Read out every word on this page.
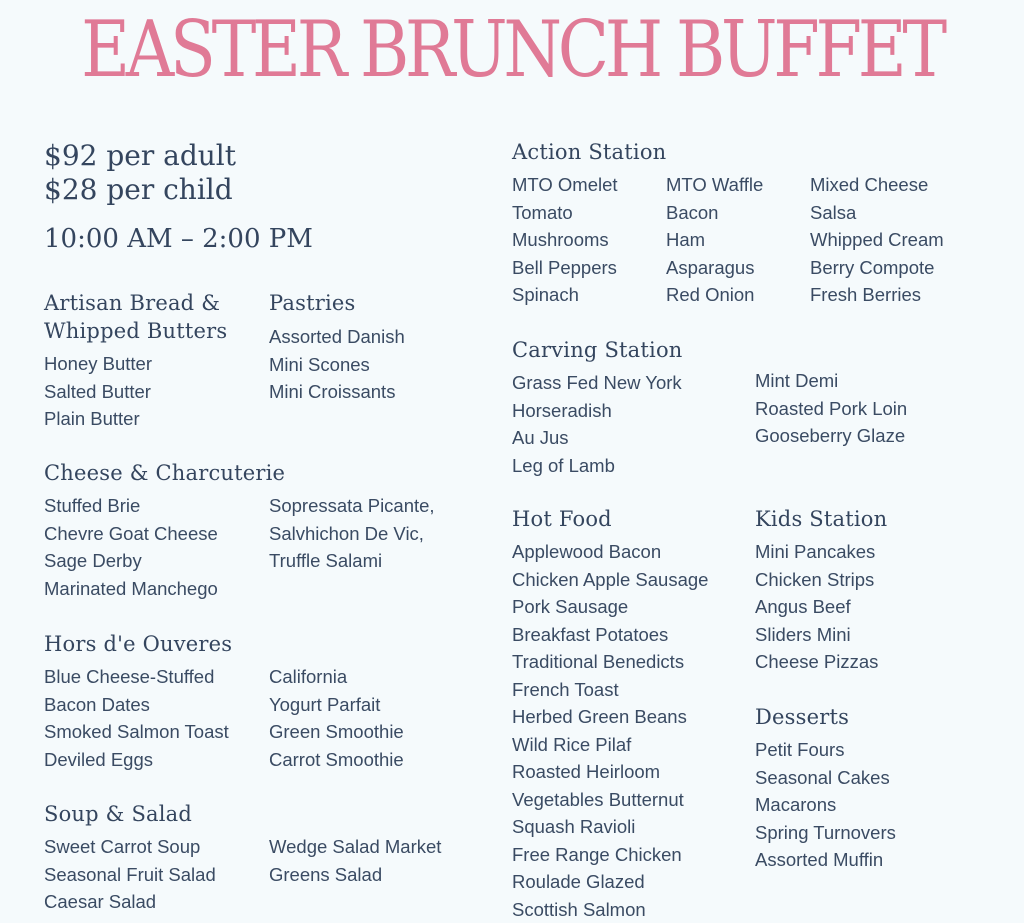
EASTER BRUNCH BUFFET
$92 per adult
$28 per child
10:00 AM – 2:00 PM
Artisan Bread &
Whipped Butters
Honey Butter
Salted Butter
Plain Butter
Pastries
Assorted Danish
Mini Scones
Mini Croissants
Cheese & Charcuterie
Stuffed Brie
Chevre Goat Cheese
Sage Derby
Marinated Manchego
Sopressata Picante,
Salvhichon De Vic,
Truffle Salami
Hors d'e Ouveres
Blue Cheese-Stuffed
Bacon Dates
Smoked Salmon Toast
Deviled Eggs
California
Yogurt Parfait
Green Smoothie
Carrot Smoothie
Soup & Salad
Sweet Carrot Soup
Seasonal Fruit Salad
Caesar Salad
Wedge Salad Market
Greens Salad
Action Station
MTO Omelet
Tomato
Mushrooms
Bell Peppers
Spinach
MTO Waffle
Bacon
Ham
Asparagus
Red Onion
Mixed Cheese
Salsa
Whipped Cream
Berry Compote
Fresh Berries
Carving Station
Grass Fed New York
Horseradish
Au Jus
Leg of Lamb
Mint Demi
Roasted Pork Loin
Gooseberry Glaze
Hot Food
Applewood Bacon
Chicken Apple Sausage
Pork Sausage
Breakfast Potatoes
Traditional Benedicts
French Toast
Herbed Green Beans
Wild Rice Pilaf
Roasted Heirloom
Vegetables Butternut
Squash Ravioli
Free Range Chicken
Roulade Glazed
Scottish Salmon
Kids Station
Mini Pancakes
Chicken Strips
Angus Beef
Sliders Mini
Cheese Pizzas
Desserts
Petit Fours
Seasonal Cakes
Macarons
Spring Turnovers
Assorted Muffin
